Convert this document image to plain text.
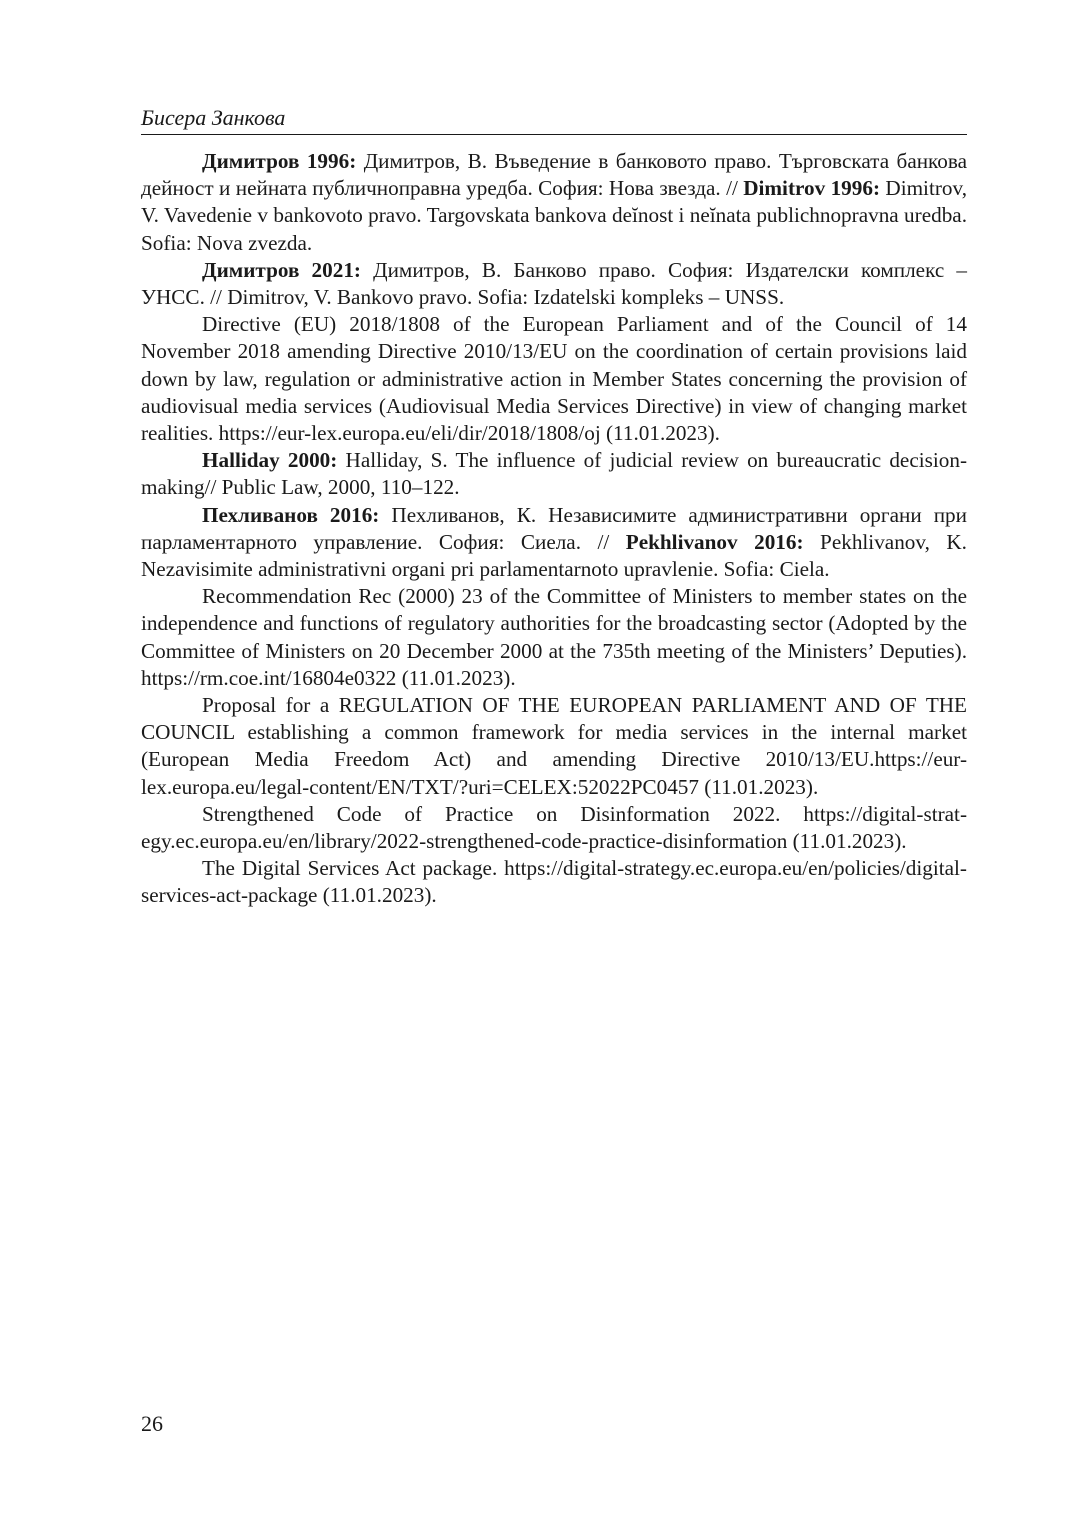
Бисера Занкова

Димитров 1996: Димитров, В. Въведение в банковото право. Търговската банкова дейност и нейната публичноправна уредба. София: Нова звезда. // Dimitrov 1996: Dimitrov, V. Vavedenie v bankovoto pravo. Targovskata bankova deĭnost i neĭnata publichnopravna uredba. Sofia: Nova zvezda.

Димитров 2021: Димитров, В. Банково право. София: Издателски комплекс – УНСС. // Dimitrov, V. Bankovo pravo. Sofia: Izdatelski kompleks – UNSS.

Directive (EU) 2018/1808 of the European Parliament and of the Council of 14 November 2018 amending Directive 2010/13/EU on the coordination of certain provisions laid down by law, regulation or administrative action in Member States concerning the provision of audiovisual media services (Audiovisual Media Services Directive) in view of changing market realities. https://eur-lex.europa.eu/eli/dir/2018/1808/oj (11.01.2023).

Halliday 2000: Halliday, S. The influence of judicial review on bureaucratic decision-making// Public Law, 2000, 110–122.

Пехливанов 2016: Пехливанов, К. Независимите административни органи при парламентарното управление. София: Сиела. // Pekhlivanov 2016: Pekhlivanov, K. Nezavisimite administrativni organi pri parlamentarnoto upravlenie. Sofia: Ciela.

Recommendation Rec (2000) 23 of the Committee of Ministers to member states on the independence and functions of regulatory authorities for the broadcasting sector (Adopted by the Committee of Ministers on 20 December 2000 at the 735th meeting of the Ministers’ Deputies). https://rm.coe.int/16804e0322 (11.01.2023).

Proposal for a REGULATION OF THE EUROPEAN PARLIAMENT AND OF THE COUNCIL establishing a common framework for media services in the internal market (European Media Freedom Act) and amending Directive 2010/13/EU.https://eur-lex.europa.eu/legal-content/EN/TXT/?uri=CELEX:52022PC0457 (11.01.2023).

Strengthened Code of Practice on Disinformation 2022. https://digital-strategy.ec.europa.eu/en/library/2022-strengthened-code-practice-disinformation (11.01.2023).

The Digital Services Act package. https://digital-strategy.ec.europa.eu/en/policies/digital-services-act-package (11.01.2023).

26
